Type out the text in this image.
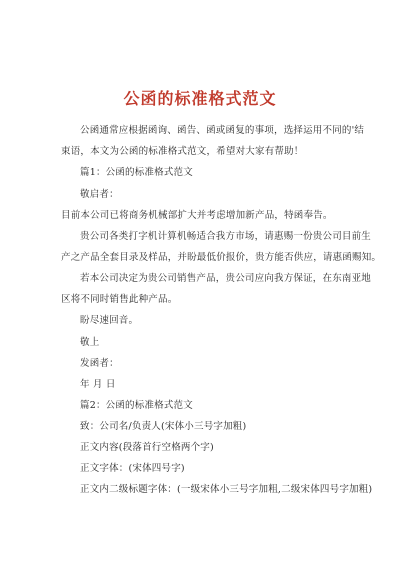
公函的标准格式范文
公函通常应根据函询、函告、函或函复的事项，选择运用不同的'结
束语，本文为公函的标准格式范文，希望对大家有帮助！
篇1：公函的标准格式范文
敬启者：
目前本公司已将商务机械部扩大并考虑增加新产品，特函奉告。
贵公司各类打字机计算机畅适合我方市场，请惠赐一份贵公司目前生
产之产品全套目录及样品，并盼最低价报价，贵方能否供应，请惠函赐知。
若本公司决定为贵公司销售产品，贵公司应向我方保证，在东南亚地
区将不同时销售此种产品。
盼尽速回音。
敬上
发函者：
年 月 日
篇2：公函的标准格式范文
致：公司名/负责人(宋体小三号字加粗)
正文内容(段落首行空格两个字)
正文字体：(宋体四号字)
正文内二级标题字体：(一级宋体小三号字加粗,二级宋体四号字加粗)
